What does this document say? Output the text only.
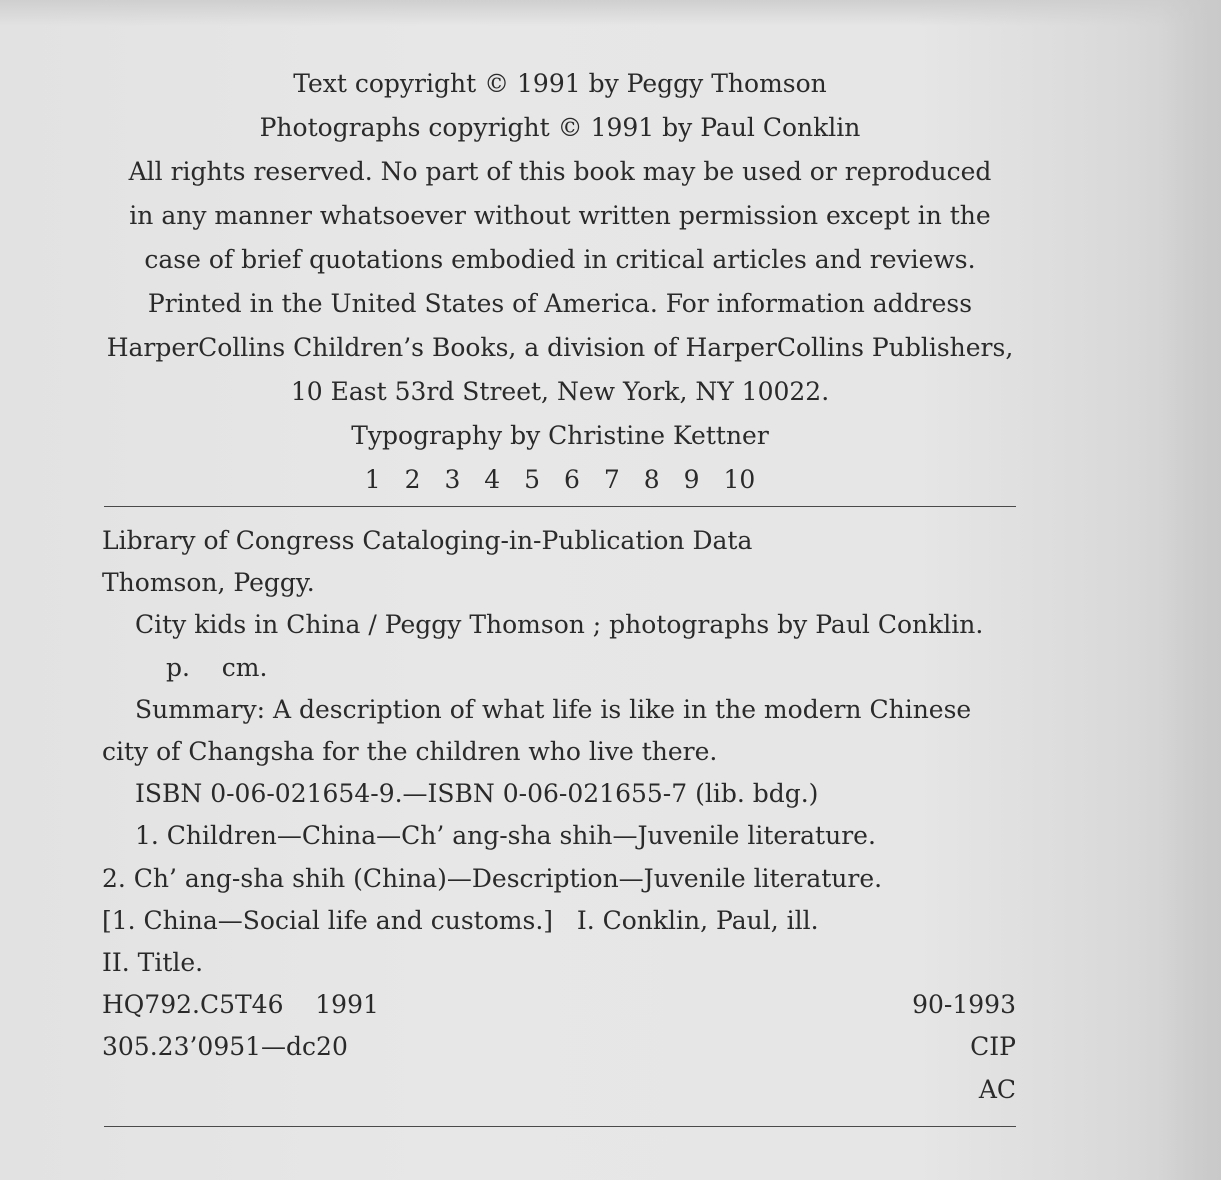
Text copyright © 1991 by Peggy Thomson
Photographs copyright © 1991 by Paul Conklin
All rights reserved. No part of this book may be used or reproduced
in any manner whatsoever without written permission except in the
case of brief quotations embodied in critical articles and reviews.
Printed in the United States of America. For information address
HarperCollins Children’s Books, a division of HarperCollins Publishers,
10 East 53rd Street, New York, NY 10022.
Typography by Christine Kettner
1 2 3 4 5 6 7 8 9 10
Library of Congress Cataloging-in-Publication Data
Thomson, Peggy.
City kids in China / Peggy Thomson ; photographs by Paul Conklin.
p.    cm.
Summary: A description of what life is like in the modern Chinese
city of Changsha for the children who live there.
ISBN 0-06-021654-9.—ISBN 0-06-021655-7 (lib. bdg.)
1. Children—China—Ch’ ang-sha shih—Juvenile literature.
2. Ch’ ang-sha shih (China)—Description—Juvenile literature.
[1. China—Social life and customs.]   I. Conklin, Paul, ill.
II. Title.
HQ792.C5T46    1991	90-1993
305.23’0951—dc20	CIP
AC
